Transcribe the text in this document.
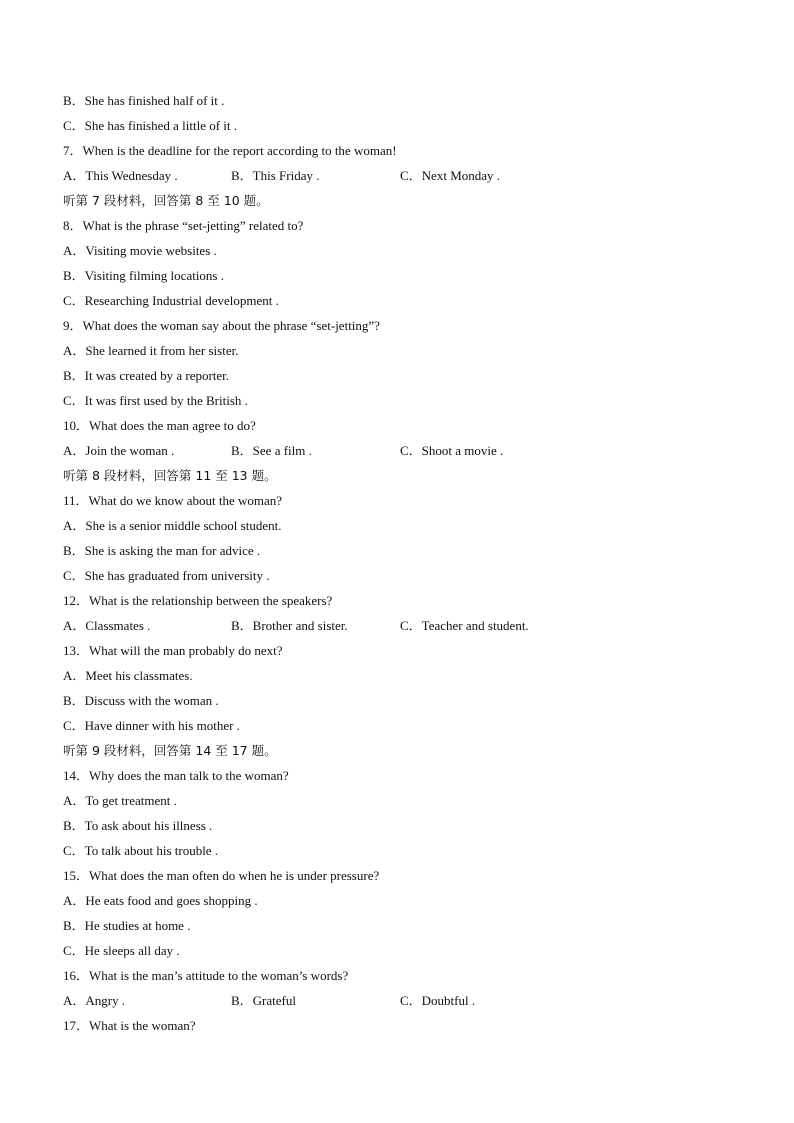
B．She has finished half of it .
C．She has finished a little of it .
7．When is the deadline for the report according to the woman!
A．This Wednesday .	B．This Friday .	C．Next Monday .
听第 7 段材料，回答第 8 至 10 题。
8．What is the phrase “set-jetting” related to?
A．Visiting movie websites .
B．Visiting filming locations .
C．Researching Industrial development .
9．What does the woman say about the phrase “set-jetting”?
A．She learned it from her sister.
B．It was created by a reporter.
C．It was first used by the British .
10．What does the man agree to do?
A．Join the woman .	B．See a film .	C．Shoot a movie .
听第 8 段材料，回答第 11 至 13 题。
11．What do we know about the woman?
A．She is a senior middle school student.
B．She is asking the man for advice .
C．She has graduated from university .
12．What is the relationship between the speakers?
A．Classmates .	B．Brother and sister.	C．Teacher and student.
13．What will the man probably do next?
A．Meet his classmates.
B．Discuss with the woman .
C．Have dinner with his mother .
听第 9 段材料，回答第 14 至 17 题。
14．Why does the man talk to the woman?
A．To get treatment .
B．To ask about his illness .
C．To talk about his trouble .
15．What does the man often do when he is under pressure?
A．He eats food and goes shopping .
B．He studies at home .
C．He sleeps all day .
16．What is the man’s attitude to the woman’s words?
A．Angry .	B．Grateful	C．Doubtful .
17．What is the woman?
